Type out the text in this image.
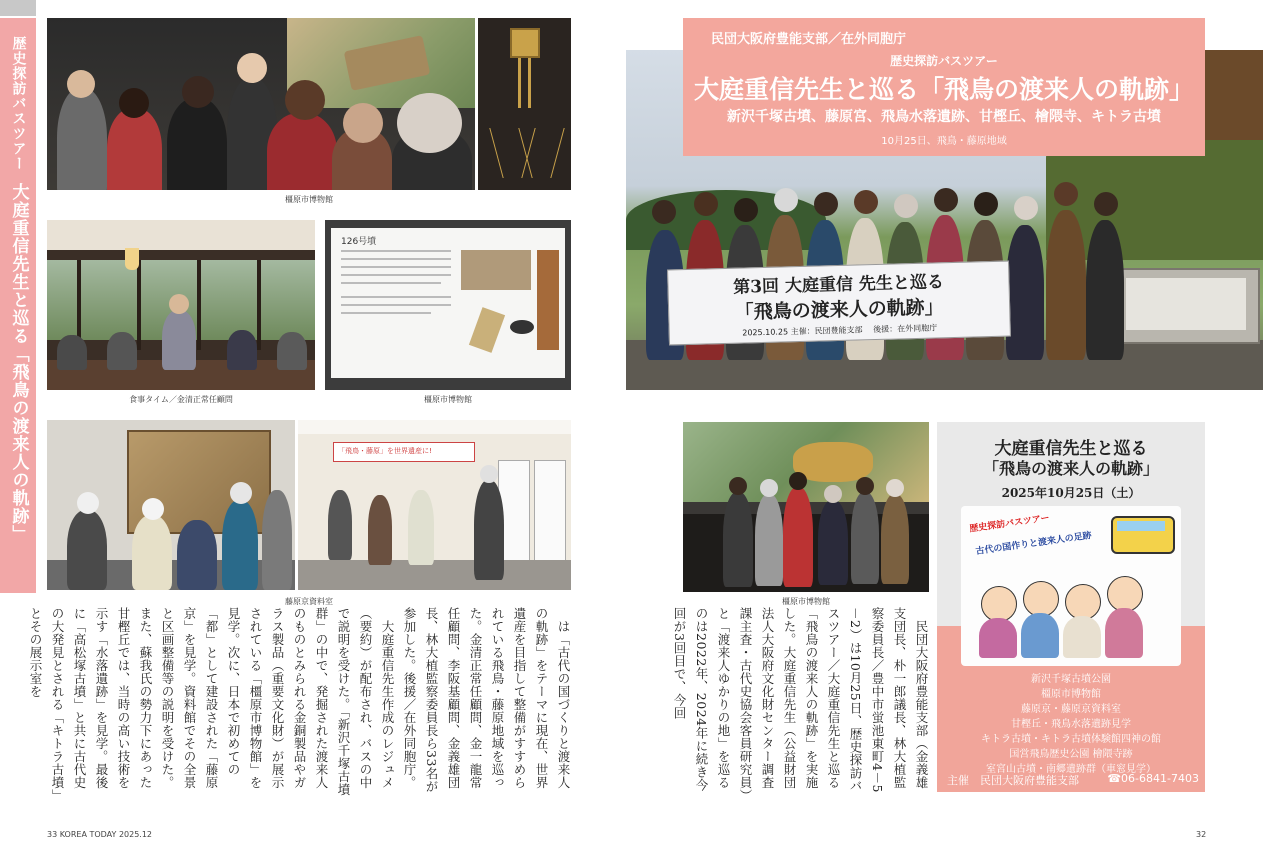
歴史探訪バスツアー大庭重信先生と巡る「飛鳥の渡来人の軌跡」	橿原市博物館
食事タイム／金清正常任顧問
126号墳
橿原市博物館
「飛鳥・藤原」を世界遺産に!
藤原京資料室

は「古代の国づくりと渡来人の軌跡」をテーマに現在、世界遺産を目指して整備がすすめられている飛鳥・藤原地域を巡った。金清正常任顧問、金一龍常任顧問、李阪基顧問、金義雄団長、林大植監察委員長ら33名が参加した。後援／在外同胞庁。

大庭重信先生作成のレジュメ（要約）が配布され、バスの中で説明を受けた。「新沢千塚古墳群」の中で、発掘された渡来人のものとみられる金銅製品やガラス製品（重要文化財）が展示されている「橿原市博物館」を見学。次に、日本で初めての「都」として建設された「藤原京」を見学。資料館でその全景と区画整備等の説明を受けた。また、蘇我氏の勢力下にあった甘樫丘では、当時の高い技術を示す「水落遺跡」を見学。最後に「高松塚古墳」と共に古代史の大発見とされる「キトラ古墳」とその展示室を

第3回 大庭重信 先生と巡る
「飛鳥の渡来人の軌跡」
2025.10.25 主催：民団豊能支部 　後援：在外同胞庁
民団大阪府豊能支部／在外同胞庁
歴史探訪バスツアー
大庭重信先生と巡る「飛鳥の渡来人の軌跡」
新沢千塚古墳、藤原宮、飛鳥水落遺跡、甘樫丘、檜隈寺、キトラ古墳
10月25日、飛鳥・藤原地域
橿原市博物館
大庭重信先生と巡る
「飛鳥の渡来人の軌跡」
2025年10月25日（土）
歴史探訪バスツアー
古代の国作りと渡来人の足跡
新沢千塚古墳公園
橿原市博物館
藤原京・藤原京資料室
甘樫丘・飛鳥水落遺跡見学
キトラ古墳・キトラ古墳体験館四神の館
国営飛鳥歴史公園 檜隈寺跡
室宮山古墳・南郷遺跡群（車窓見学）
主催　民団大阪府豊能支部	☎06-6841-7403

民団大阪府豊能支部（金義雄支団長、朴一郎議長、林大植監察委員長／豊中市蛍池東町4－5－2）は10月25日、歴史探訪バスツアー／大庭重信先生と巡る「飛鳥の渡来人の軌跡」を実施した。大庭重信先生（公益財団法人大阪府文化財センター調査課主査・古代史協会客員研究員）と「渡来人ゆかりの地」を巡るのは2022年、2024年に続き今回が3回目で、今回

33 KOREA TODAY 2025.12	32
